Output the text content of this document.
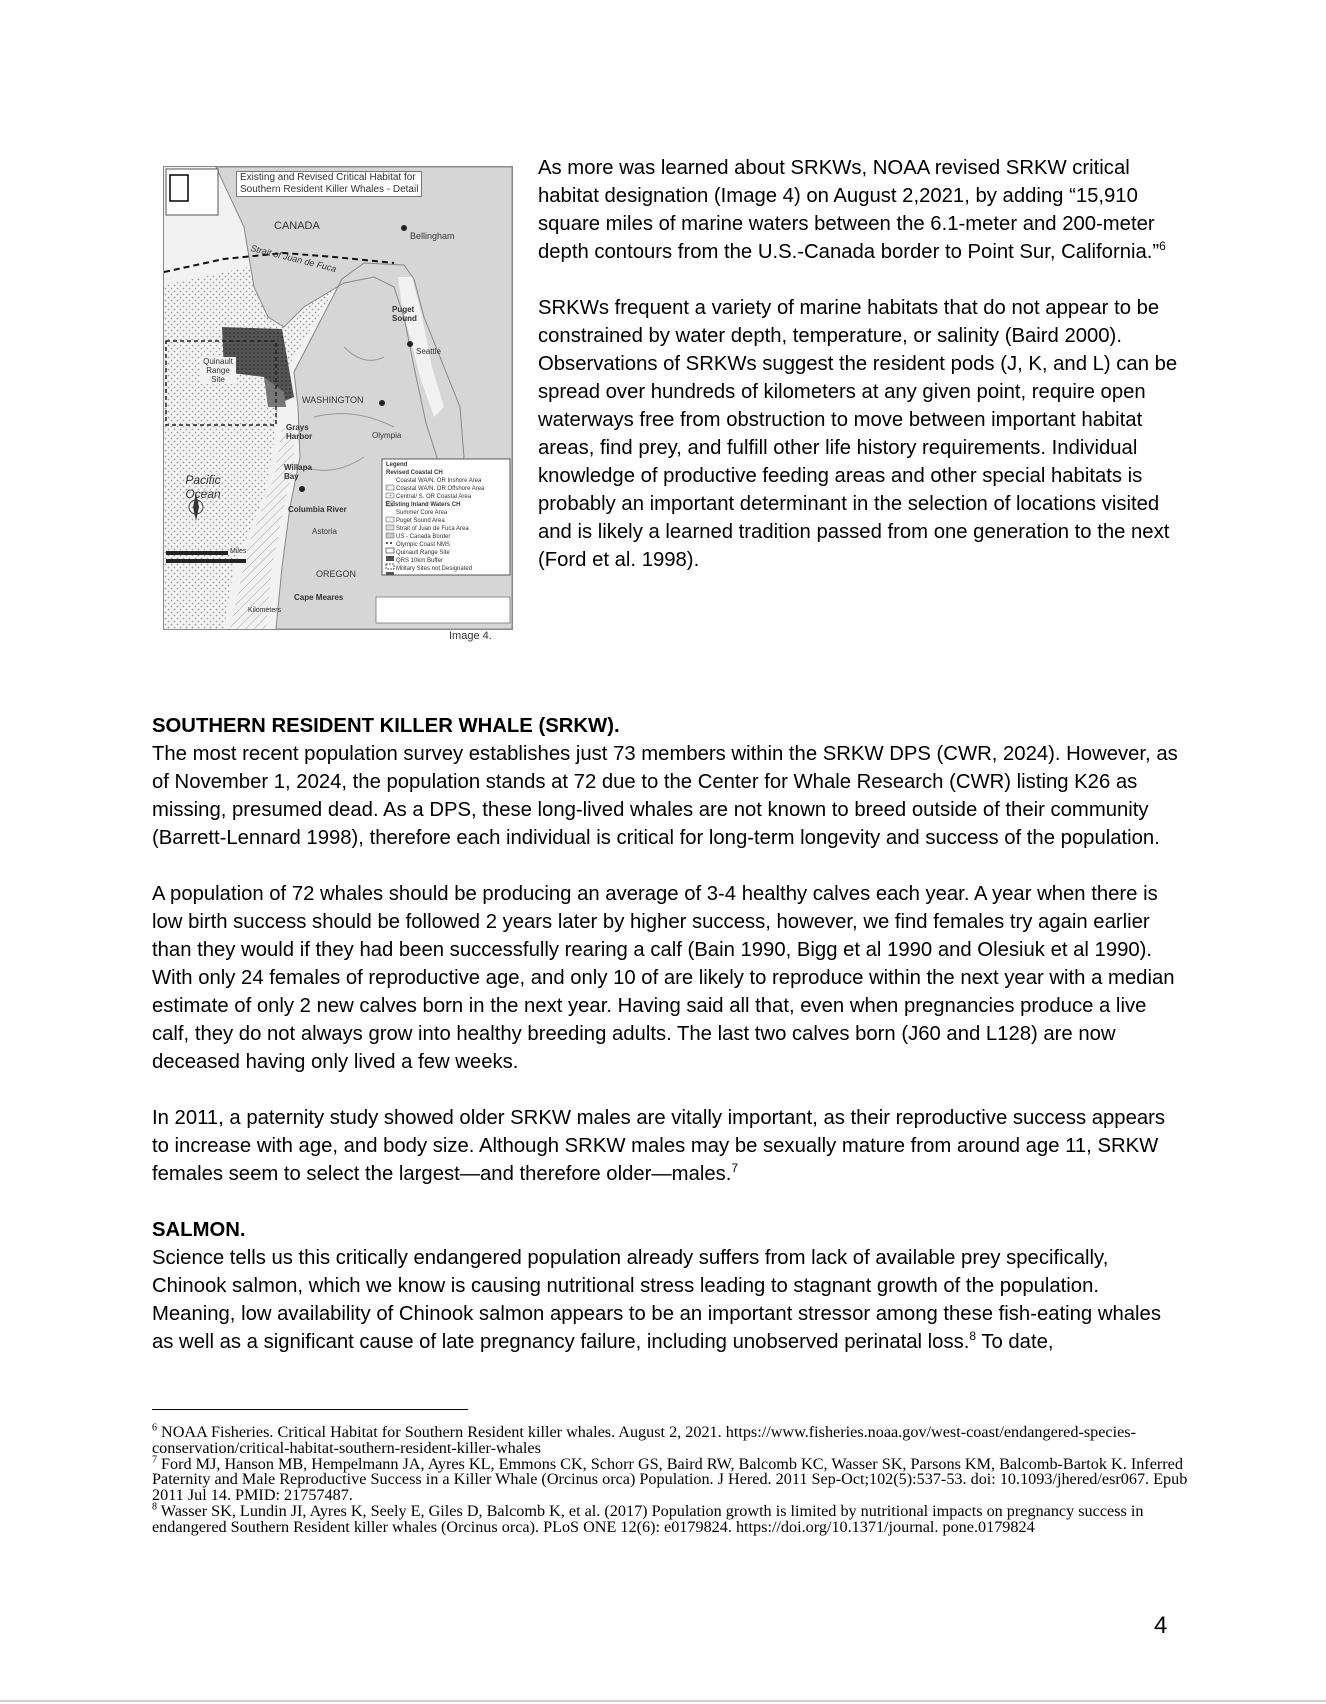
Existing and Revised Critical Habitat for
Southern Resident Killer Whales - Detail
CANADA
Strait of Juan de Fuca
Bellingham
Puget Sound
Seattle
Quinault Range Site
WASHINGTON
Grays Harbor	Olympia
Willapa Bay
Pacific Ocean
Columbia River
Astoria
OREGON
Cape Meares
Miles
Kilometers
Legend
Revised Coastal CH
Coastal WA/N. OR Inshore Area
Coastal WA/N. OR Offshore Area
Central/ S. OR Coastal Area
Existing Inland Waters CH
Summer Core Area
Puget Sound Area
Strait of Juan de Fuca Area
US - Canada Border
Olympic Coast NMS
Quinault Range Site
QRS 10km Buffer
Military Sites not Designated
Image 4.

As more was learned about SRKWs, NOAA revised SRKW critical habitat designation (Image 4) on August 2,2021, by adding “15,910 square miles of marine waters between the 6.1-meter and 200-meter depth contours from the U.S.-Canada border to Point Sur, California.”$^6$

SRKWs frequent a variety of marine habitats that do not appear to be constrained by water depth, temperature, or salinity (Baird 2000). Observations of SRKWs suggest the resident pods (J, K, and L) can be spread over hundreds of kilometers at any given point, require open waterways free from obstruction to move between important habitat areas, find prey, and fulfill other life history requirements. Individual knowledge of productive feeding areas and other special habitats is probably an important determinant in the selection of locations visited and is likely a learned tradition passed from one generation to the next (Ford et al. 1998).

SOUTHERN RESIDENT KILLER WHALE (SRKW).
The most recent population survey establishes just 73 members within the SRKW DPS (CWR, 2024). However, as of November 1, 2024, the population stands at 72 due to the Center for Whale Research (CWR) listing K26 as missing, presumed dead. As a DPS, these long-lived whales are not known to breed outside of their community (Barrett-Lennard 1998), therefore each individual is critical for long-term longevity and success of the population.

A population of 72 whales should be producing an average of 3-4 healthy calves each year. A year when there is low birth success should be followed 2 years later by higher success, however, we find females try again earlier than they would if they had been successfully rearing a calf (Bain 1990, Bigg et al 1990 and Olesiuk et al 1990). With only 24 females of reproductive age, and only 10 of are likely to reproduce within the next year with a median estimate of only 2 new calves born in the next year. Having said all that, even when pregnancies produce a live calf, they do not always grow into healthy breeding adults. The last two calves born (J60 and L128) are now deceased having only lived a few weeks.

In 2011, a paternity study showed older SRKW males are vitally important, as their reproductive success appears to increase with age, and body size. Although SRKW males may be sexually mature from around age 11, SRKW females seem to select the largest—and therefore older—males.$^7$

SALMON.
Science tells us this critically endangered population already suffers from lack of available prey specifically, Chinook salmon, which we know is causing nutritional stress leading to stagnant growth of the population. Meaning, low availability of Chinook salmon appears to be an important stressor among these fish-eating whales as well as a significant cause of late pregnancy failure, including unobserved perinatal loss.$^8$ To date,

$^6$ NOAA Fisheries. Critical Habitat for Southern Resident killer whales. August 2, 2021. https://www.fisheries.noaa.gov/west-coast/endangered-species-conservation/critical-habitat-southern-resident-killer-whales
$^7$ Ford MJ, Hanson MB, Hempelmann JA, Ayres KL, Emmons CK, Schorr GS, Baird RW, Balcomb KC, Wasser SK, Parsons KM, Balcomb-Bartok K. Inferred Paternity and Male Reproductive Success in a Killer Whale (Orcinus orca) Population. J Hered. 2011 Sep-Oct;102(5):537-53. doi: 10.1093/jhered/esr067. Epub 2011 Jul 14. PMID: 21757487.
$^8$ Wasser SK, Lundin JI, Ayres K, Seely E, Giles D, Balcomb K, et al. (2017) Population growth is limited by nutritional impacts on pregnancy success in endangered Southern Resident killer whales (Orcinus orca). PLoS ONE 12(6): e0179824. https://doi.org/10.1371/journal. pone.0179824
4
